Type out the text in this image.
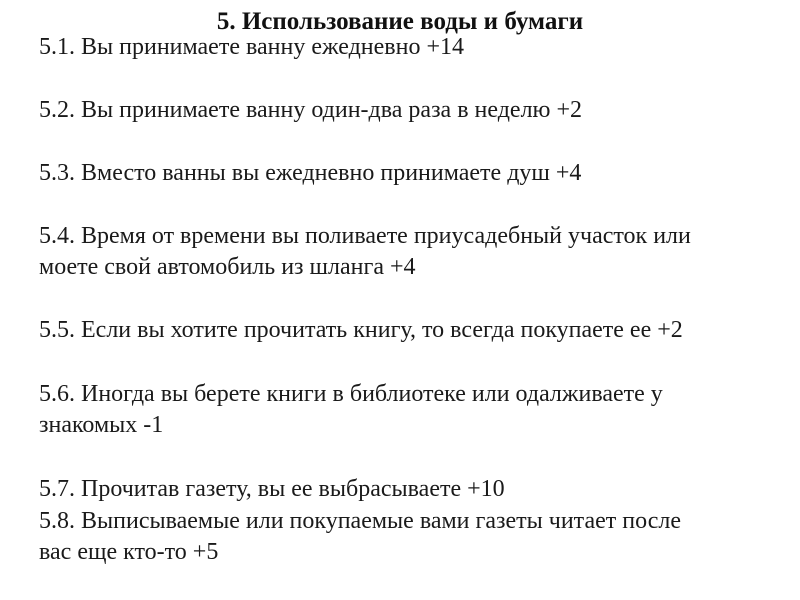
5. Использование воды и бумаги
5.1. Вы принимаете ванну ежедневно +14
5.2. Вы принимаете ванну один-два раза в неделю +2
5.3. Вместо ванны вы ежедневно принимаете душ +4
5.4. Время от времени вы поливаете приусадебный участок или
моете свой автомобиль из шланга +4
5.5. Если вы хотите прочитать книгу, то всегда покупаете ее +2
5.6. Иногда вы берете книги в библиотеке или одалживаете у
знакомых -1
5.7. Прочитав газету, вы ее выбрасываете +10
5.8. Выписываемые или покупаемые вами газеты читает после
вас еще кто-то +5
